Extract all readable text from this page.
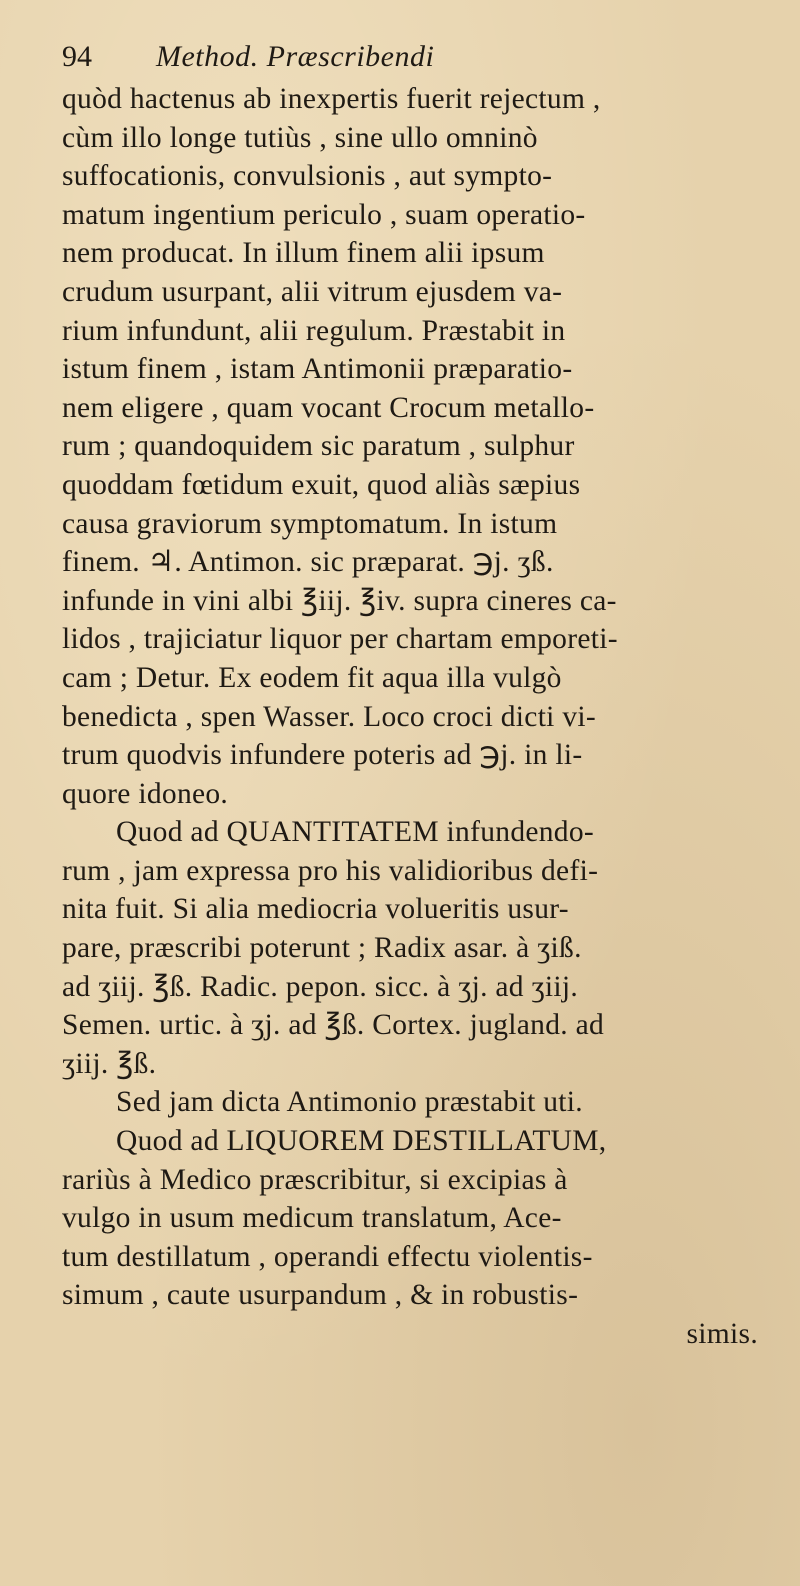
94 Method. Præscribendi
quòd hactenus ab inexpertis fuerit rejectum ,
cùm illo longe tutiùs , sine ullo omninò
suffocationis, convulsionis , aut sympto-
matum ingentium periculo , suam operatio-
nem producat. In illum finem alii ipsum
crudum usurpant, alii vitrum ejusdem va-
rium infundunt, alii regulum. Præstabit in
istum finem , istam Antimonii præparatio-
nem eligere , quam vocant Crocum metallo-
rum ; quandoquidem sic paratum , sulphur
quoddam fœtidum exuit, quod aliàs sæpius
causa graviorum symptomatum. In istum
finem. ♃. Antimon. sic præparat. ℈j. ʒß.
infunde in vini albi ℥iij. ℥iv. supra cineres ca-
lidos , trajiciatur liquor per chartam emporeti-
cam ; Detur. Ex eodem fit aqua illa vulgò
benedicta , spen Wasser. Loco croci dicti vi-
trum quodvis infundere poteris ad ℈j. in li-
quore idoneo.
Quod ad QUANTITATEM infundendo-
rum , jam expressa pro his validioribus defi-
nita fuit. Si alia mediocria volueritis usur-
pare, præscribi poterunt ; Radix asar. à ʒiß.
ad ʒiij. ℥ß. Radic. pepon. sicc. à ʒj. ad ʒiij.
Semen. urtic. à ʒj. ad ℥ß. Cortex. jugland. ad
ʒiij. ℥ß.
Sed jam dicta Antimonio præstabit uti.
Quod ad LIQUOREM DESTILLATUM,
rariùs à Medico præscribitur, si excipias à
vulgo in usum medicum translatum, Ace-
tum destillatum , operandi effectu violentis-
simum , caute usurpandum , & in robustis-
simis.
